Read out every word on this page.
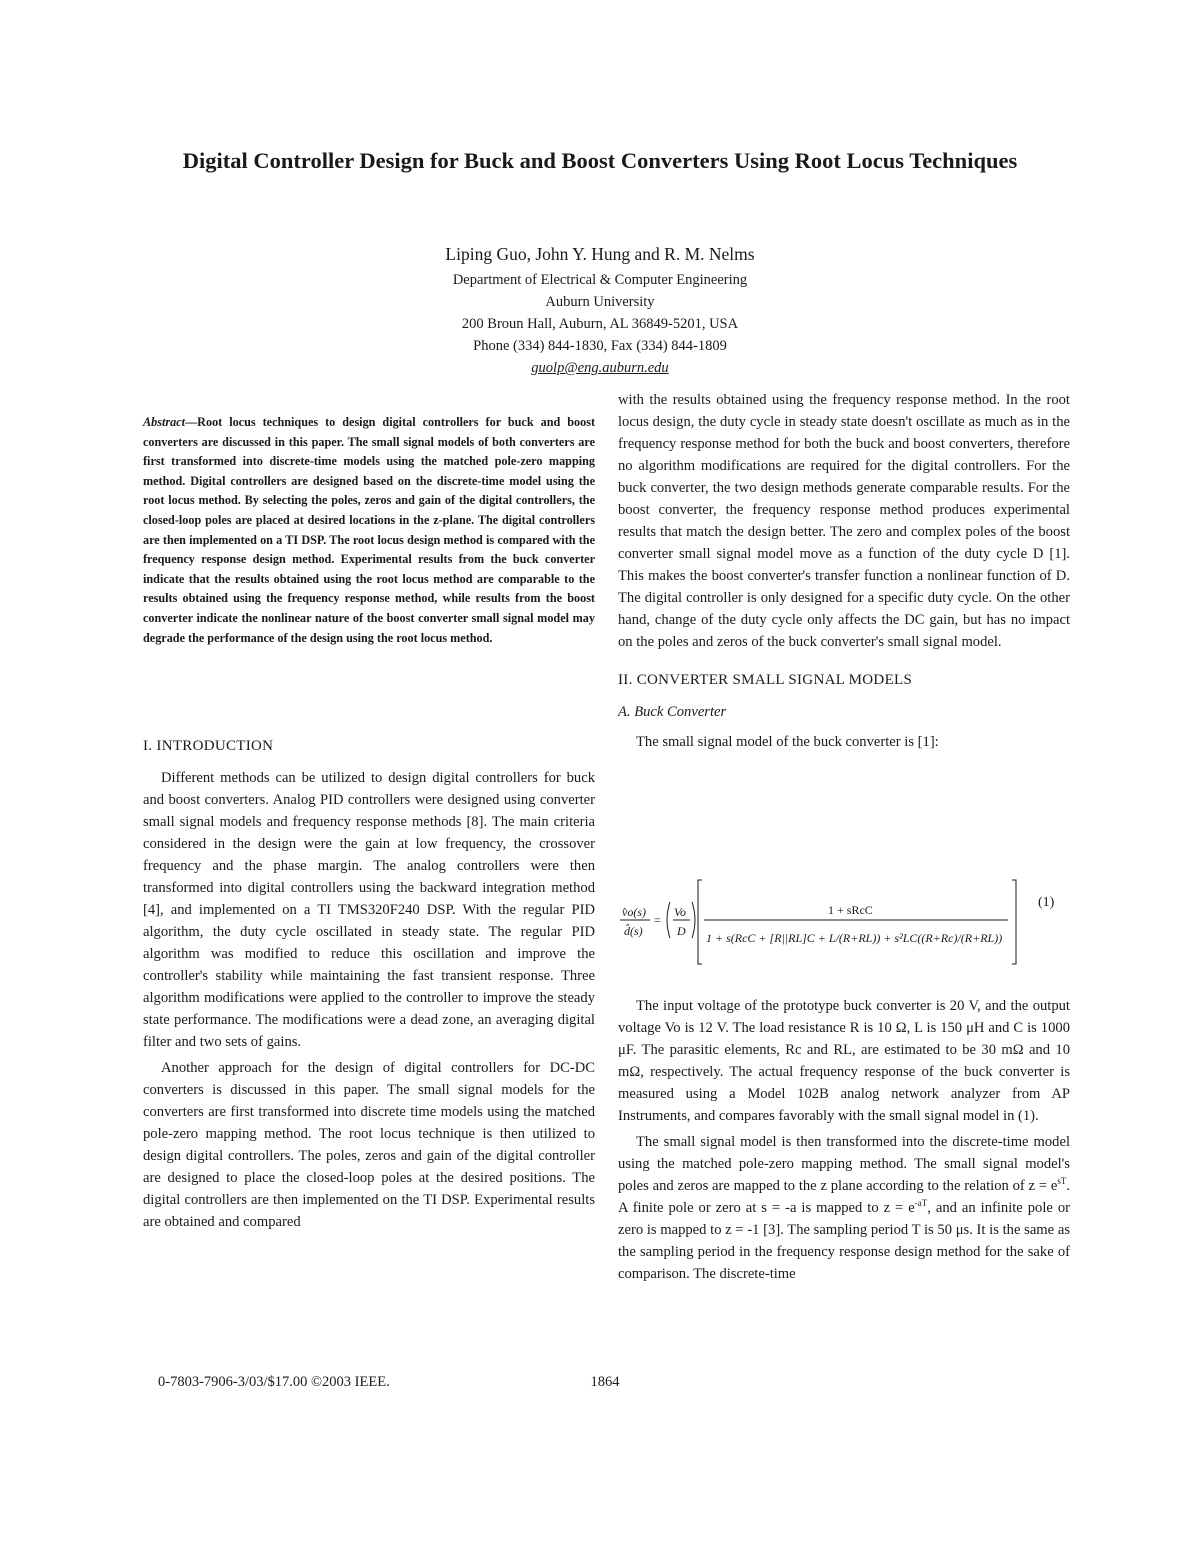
Digital Controller Design for Buck and Boost Converters Using Root Locus Techniques
Liping Guo, John Y. Hung and R. M. Nelms
Department of Electrical & Computer Engineering
Auburn University
200 Broun Hall, Auburn, AL 36849-5201, USA
Phone (334) 844-1830, Fax (334) 844-1809
guolp@eng.auburn.edu

Abstract—Root locus techniques to design digital controllers for buck and boost converters are discussed in this paper. The small signal models of both converters are first transformed into discrete-time models using the matched pole-zero mapping method. Digital controllers are designed based on the discrete-time model using the root locus method. By selecting the poles, zeros and gain of the digital controllers, the closed-loop poles are placed at desired locations in the z-plane. The digital controllers are then implemented on a TI DSP. The root locus design method is compared with the frequency response design method. Experimental results from the buck converter indicate that the results obtained using the root locus method are comparable to the results obtained using the frequency response method, while results from the boost converter indicate the nonlinear nature of the boost converter small signal model may degrade the performance of the design using the root locus method.

I. INTRODUCTION

Different methods can be utilized to design digital controllers for buck and boost converters. Analog PID controllers were designed using converter small signal models and frequency response methods [8]. The main criteria considered in the design were the gain at low frequency, the crossover frequency and the phase margin. The analog controllers were then transformed into digital controllers using the backward integration method [4], and implemented on a TI TMS320F240 DSP. With the regular PID algorithm, the duty cycle oscillated in steady state. The regular PID algorithm was modified to reduce this oscillation and improve the controller's stability while maintaining the fast transient response. Three algorithm modifications were applied to the controller to improve the steady state performance. The modifications were a dead zone, an averaging digital filter and two sets of gains.

Another approach for the design of digital controllers for DC-DC converters is discussed in this paper. The small signal models for the converters are first transformed into discrete time models using the matched pole-zero mapping method. The root locus technique is then utilized to design digital controllers. The poles, zeros and gain of the digital controller are designed to place the closed-loop poles at the desired positions. The digital controllers are then implemented on the TI DSP. Experimental results are obtained and compared

with the results obtained using the frequency response method. In the root locus design, the duty cycle in steady state doesn't oscillate as much as in the frequency response method for both the buck and boost converters, therefore no algorithm modifications are required for the digital controllers. For the buck converter, the two design methods generate comparable results. For the boost converter, the frequency response method produces experimental results that match the design better. The zero and complex poles of the boost converter small signal model move as a function of the duty cycle D [1]. This makes the boost converter's transfer function a nonlinear function of D. The digital controller is only designed for a specific duty cycle. On the other hand, change of the duty cycle only affects the DC gain, but has no impact on the poles and zeros of the buck converter's small signal model.

II. CONVERTER SMALL SIGNAL MODELS

A. Buck Converter

The small signal model of the buck converter is [1]:

v̂o(s)
d̂(s)
=
Vo
D
1 + sRcC
1 + s(RcC + [R||RL]C + L/(R+RL)) + s²LC((R+Rc)/(R+RL))
(1)

The input voltage of the prototype buck converter is 20 V, and the output voltage Vo is 12 V. The load resistance R is 10 Ω, L is 150 μH and C is 1000 μF. The parasitic elements, Rc and RL, are estimated to be 30 mΩ and 10 mΩ, respectively. The actual frequency response of the buck converter is measured using a Model 102B analog network analyzer from AP Instruments, and compares favorably with the small signal model in (1).

The small signal model is then transformed into the discrete-time model using the matched pole-zero mapping method. The small signal model's poles and zeros are mapped to the z plane according to the relation of $z = e^{sT}$. A finite pole or zero at s = -a is mapped to $z = e^{-aT}$, and an infinite pole or zero is mapped to z = -1 [3]. The sampling period T is 50 μs. It is the same as the sampling period in the frequency response design method for the sake of comparison. The discrete-time

0-7803-7906-3/03/$17.00 ©2003 IEEE.	1864
